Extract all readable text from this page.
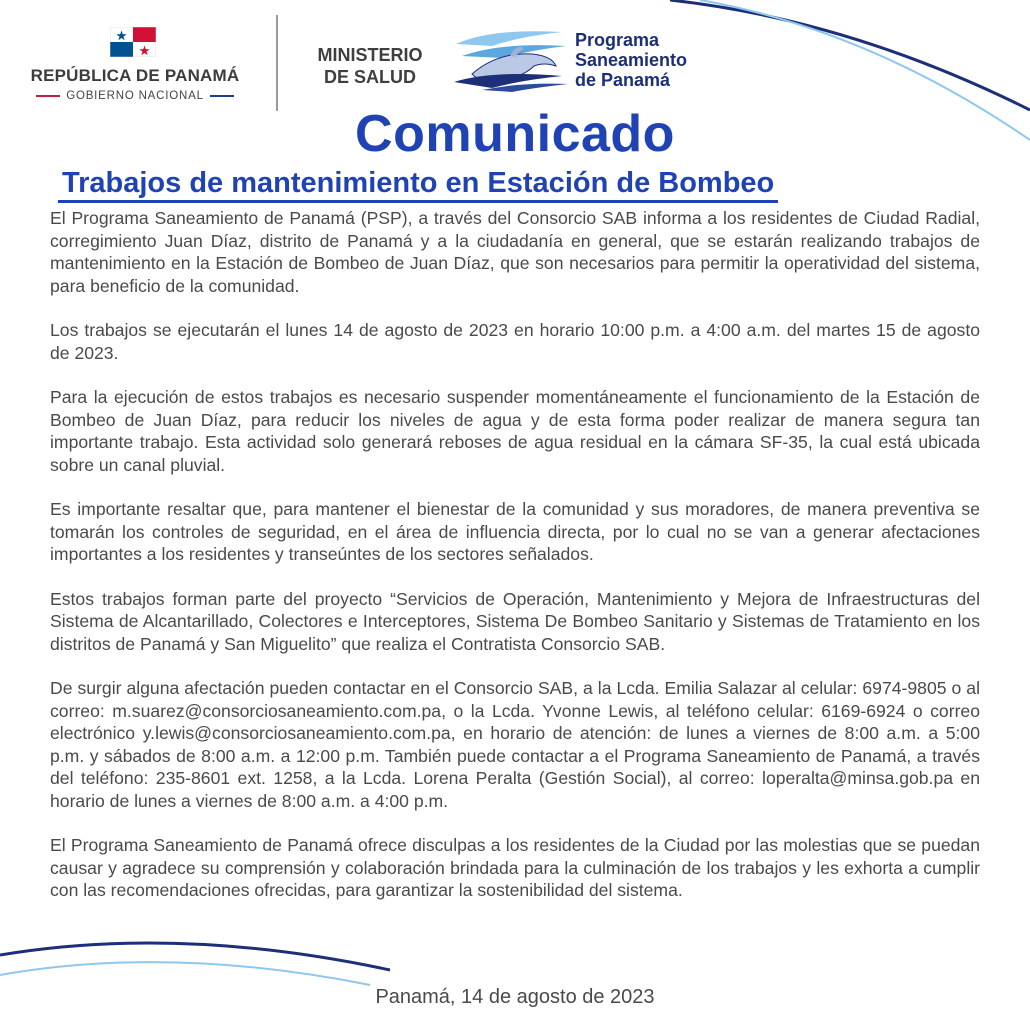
REPÚBLICA DE PANAMÁ
GOBIERNO NACIONAL
MINISTERIO
DE SALUD
Programa
Saneamiento
de Panamá
Comunicado
Trabajos de mantenimiento en Estación de Bombeo

El Programa Saneamiento de Panamá (PSP), a través del Consorcio SAB informa a los residentes de Ciudad Radial, corregimiento Juan Díaz, distrito de Panamá y a la ciudadanía en general, que se estarán realizando trabajos de mantenimiento en la Estación de Bombeo de Juan Díaz, que son necesarios para permitir la operatividad del sistema, para beneficio de la comunidad.

Los trabajos se ejecutarán el lunes 14 de agosto de 2023 en horario 10:00 p.m. a 4:00 a.m. del martes 15 de agosto de 2023.

Para la ejecución de estos trabajos es necesario suspender momentáneamente el funcionamiento de la Estación de Bombeo de Juan Díaz, para reducir los niveles de agua y de esta forma poder realizar de manera segura tan importante trabajo. Esta actividad solo generará reboses de agua residual en la cámara SF-35, la cual está ubicada sobre un canal pluvial.

Es importante resaltar que, para mantener el bienestar de la comunidad y sus moradores, de manera preventiva se tomarán los controles de seguridad, en el área de influencia directa, por lo cual no se van a generar afectaciones importantes a los residentes y transeúntes de los sectores señalados.

Estos trabajos forman parte del proyecto “Servicios de Operación, Mantenimiento y Mejora de Infraestructuras del Sistema de Alcantarillado, Colectores e Interceptores, Sistema De Bombeo Sanitario y Sistemas de Tratamiento en los distritos de Panamá y San Miguelito” que realiza el Contratista Consorcio SAB.

De surgir alguna afectación pueden contactar en el Consorcio SAB, a la Lcda. Emilia Salazar al celular: 6974-9805 o al correo: m.suarez@consorciosaneamiento.com.pa, o la Lcda. Yvonne Lewis, al teléfono celular: 6169-6924 o correo electrónico y.lewis@consorciosaneamiento.com.pa, en horario de atención: de lunes a viernes de 8:00 a.m. a 5:00 p.m. y sábados de 8:00 a.m. a 12:00 p.m. También puede contactar a el Programa Saneamiento de Panamá, a través del teléfono: 235-8601 ext. 1258, a la Lcda. Lorena Peralta (Gestión Social), al correo: loperalta@minsa.gob.pa en horario de lunes a viernes de 8:00 a.m. a 4:00 p.m.

El Programa Saneamiento de Panamá ofrece disculpas a los residentes de la Ciudad por las molestias que se puedan causar y agradece su comprensión y colaboración brindada para la culminación de los trabajos y les exhorta a cumplir con las recomendaciones ofrecidas, para garantizar la sostenibilidad del sistema.

Panamá, 14 de agosto de 2023
